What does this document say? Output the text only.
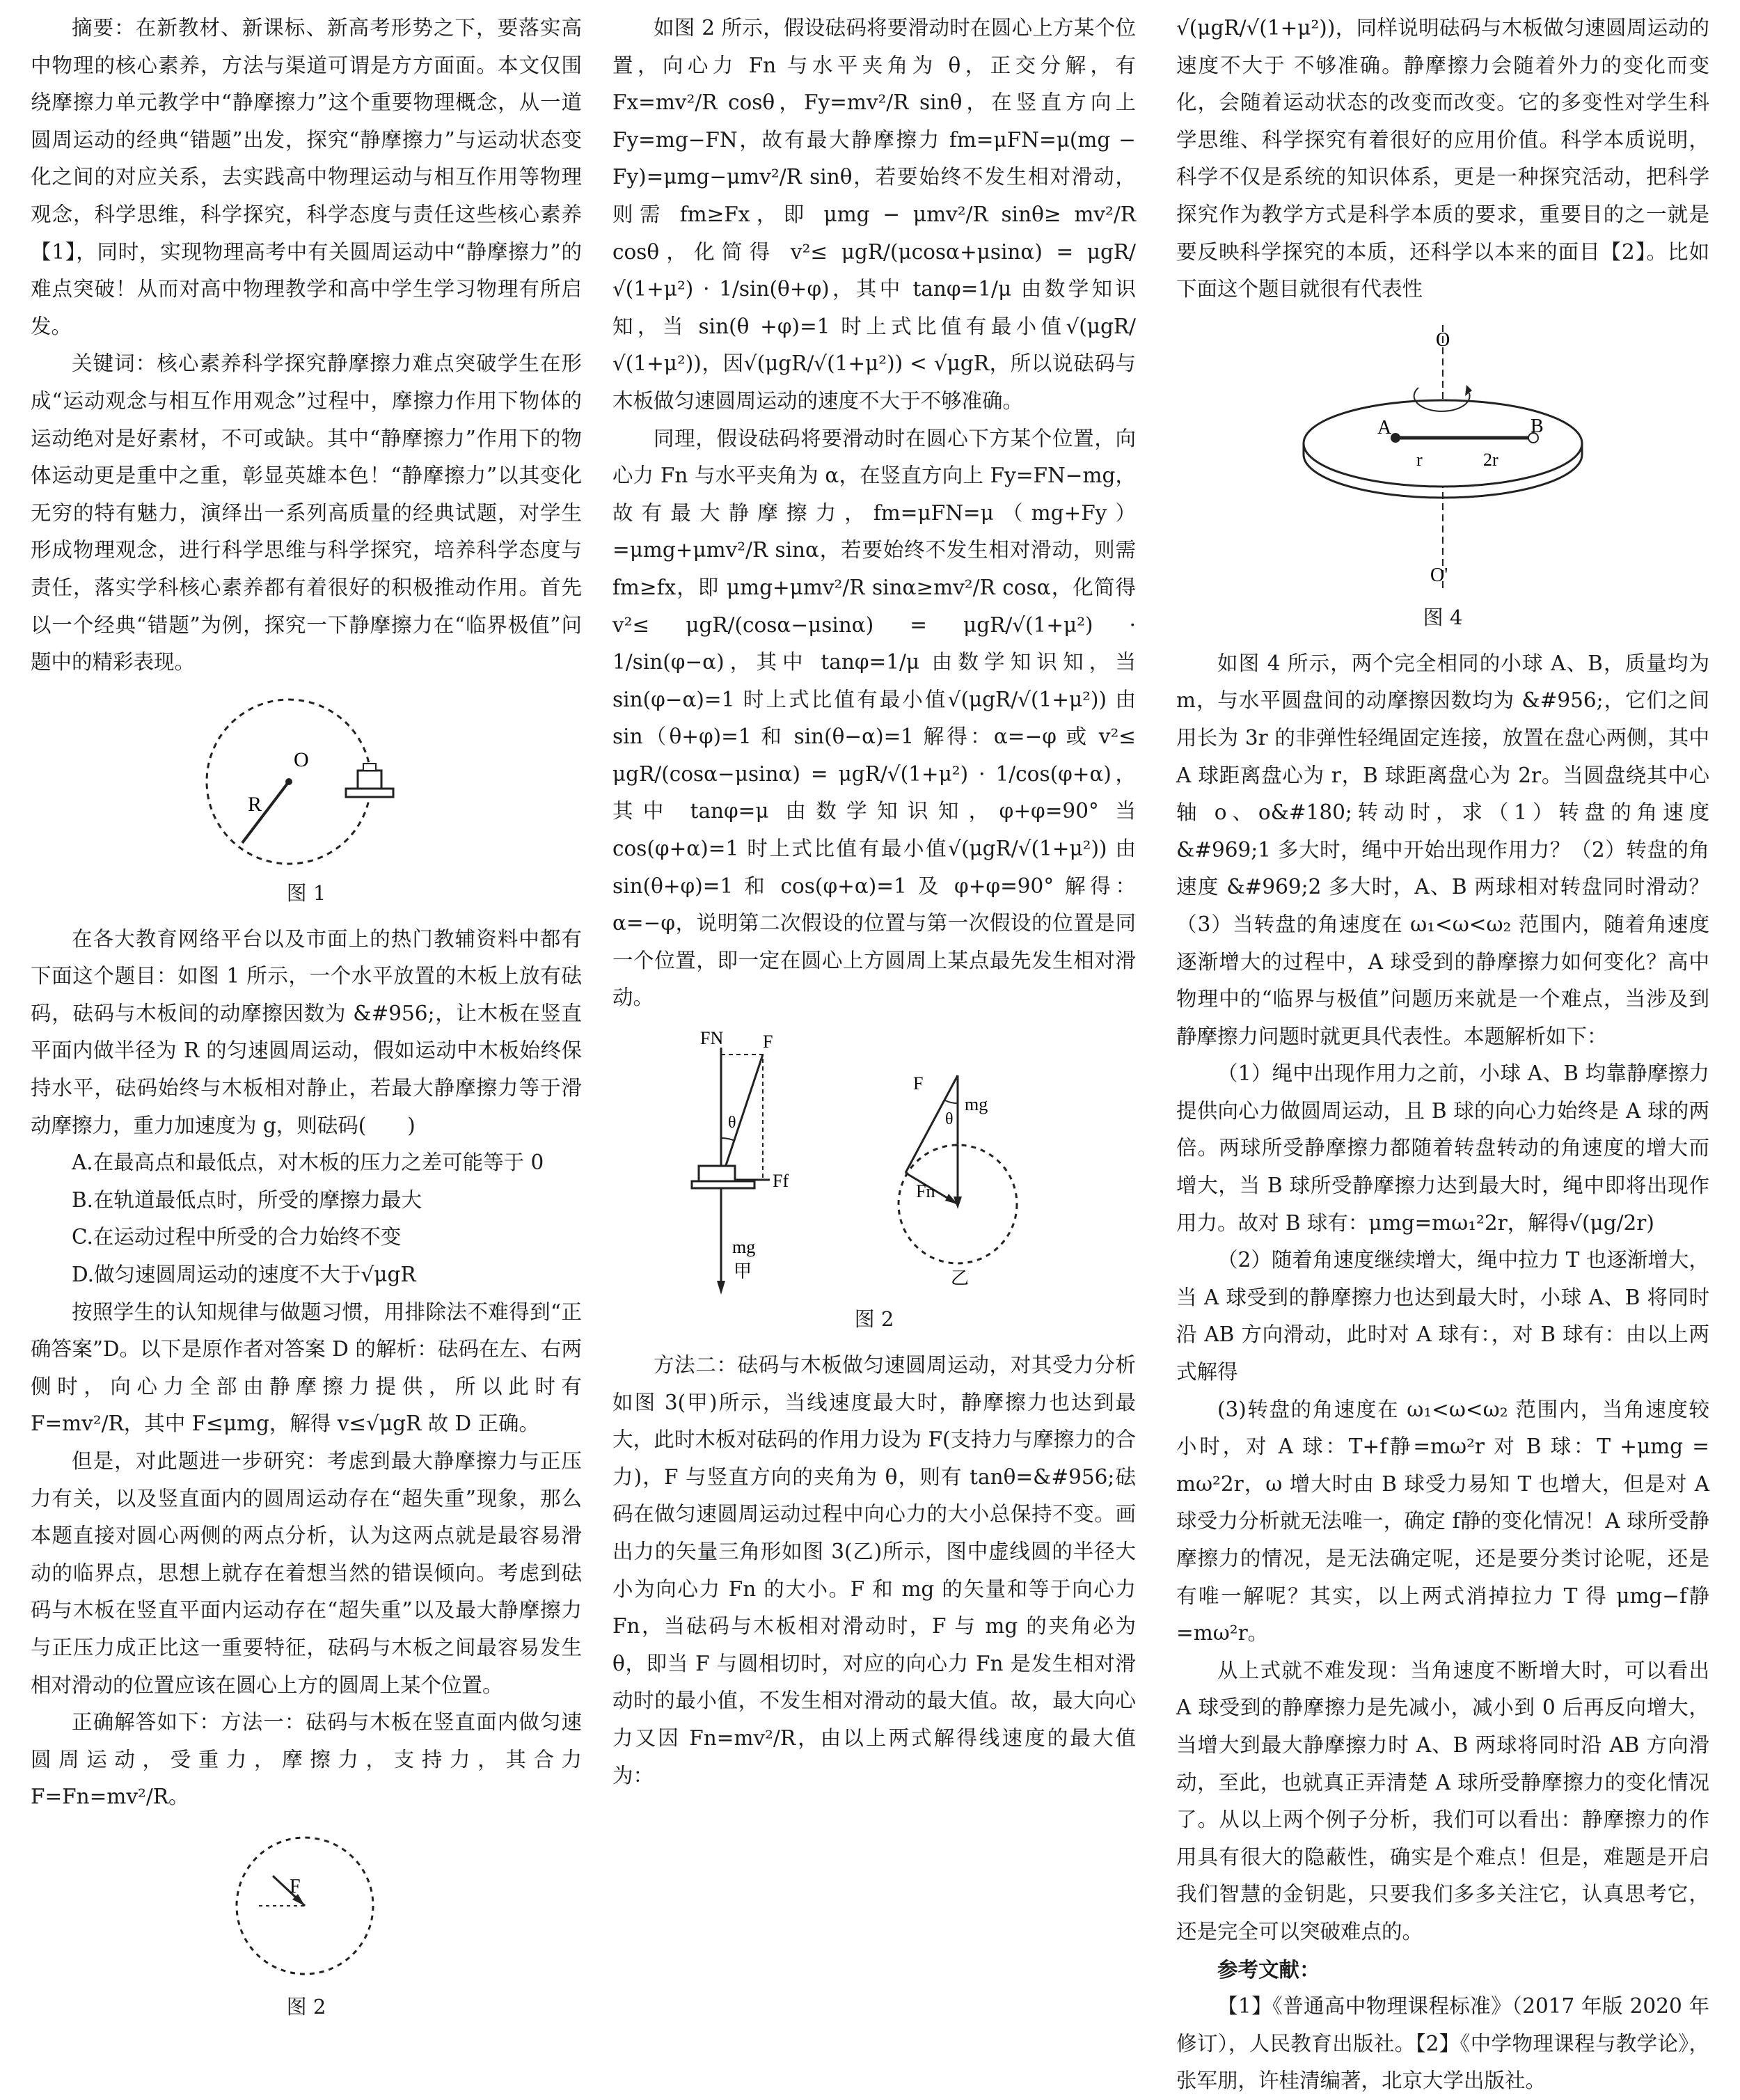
摘要：在新教材、新课标、新高考形势之下，要落实高中物理的核心素养，方法与渠道可谓是方方面面。本文仅围绕摩擦力单元教学中“静摩擦力”这个重要物理概念，从一道圆周运动的经典“错题”出发，探究“静摩擦力”与运动状态变化之间的对应关系，去实践高中物理运动与相互作用等物理观念，科学思维，科学探究，科学态度与责任这些核心素养【1】，同时，实现物理高考中有关圆周运动中“静摩擦力”的难点突破！从而对高中物理教学和高中学生学习物理有所启发。

关键词：核心素养科学探究静摩擦力难点突破学生在形成“运动观念与相互作用观念”过程中，摩擦力作用下物体的运动绝对是好素材，不可或缺。其中“静摩擦力”作用下的物体运动更是重中之重，彰显英雄本色！“静摩擦力”以其变化无穷的特有魅力，演绎出一系列高质量的经典试题，对学生形成物理观念，进行科学思维与科学探究，培养科学态度与责任，落实学科核心素养都有着很好的积极推动作用。首先以一个经典“错题”为例，探究一下静摩擦力在“临界极值”问题中的精彩表现。

O
R
图 1

在各大教育网络平台以及市面上的热门教辅资料中都有下面这个题目：如图 1 所示，一个水平放置的木板上放有砝码，砝码与木板间的动摩擦因数为 &#956;，让木板在竖直平面内做半径为 R 的匀速圆周运动，假如运动中木板始终保持水平，砝码始终与木板相对静止，若最大静摩擦力等于滑动摩擦力，重力加速度为 g，则砝码(　　)

A.在最高点和最低点，对木板的压力之差可能等于 0

B.在轨道最低点时，所受的摩擦力最大

C.在运动过程中所受的合力始终不变

D.做匀速圆周运动的速度不大于√μgR

按照学生的认知规律与做题习惯，用排除法不难得到“正确答案”D。以下是原作者对答案 D 的解析：砝码在左、右两侧时，向心力全部由静摩擦力提供，所以此时有 F=mv²/R，其中 F≤μmg，解得 v≤√μgR 故 D 正确。

但是，对此题进一步研究：考虑到最大静摩擦力与正压力有关，以及竖直面内的圆周运动存在“超失重”现象，那么本题直接对圆心两侧的两点分析，认为这两点就是最容易滑动的临界点，思想上就存在着想当然的错误倾向。考虑到砝码与木板在竖直平面内运动存在“超失重”以及最大静摩擦力与正压力成正比这一重要特征，砝码与木板之间最容易发生相对滑动的位置应该在圆心上方的圆周上某个位置。

正确解答如下：方法一：砝码与木板在竖直面内做匀速圆周运动，受重力，摩擦力，支持力，其合力 F=Fn=mv²/R。

F
图 2

如图 2 所示，假设砝码将要滑动时在圆心上方某个位置，向心力 Fn 与水平夹角为 θ，正交分解，有 Fx=mv²/R cosθ，Fy=mv²/R sinθ，在竖直方向上 Fy=mg−FN，故有最大静摩擦力 fm=μFN=μ(mg − Fy)=μmg−μmv²/R sinθ，若要始终不发生相对滑动，则需 fm≥Fx，即 μmg − μmv²/R sinθ≥ mv²/R cosθ，化简得 v²≤ μgR/(μcosα+μsinα) = μgR/√(1+μ²) · 1/sin(θ+φ)，其中 tanφ=1/μ 由数学知识知，当 sin(θ +φ)=1 时上式比值有最小值√(μgR/√(1+μ²))，因√(μgR/√(1+μ²)) < √μgR，所以说砝码与木板做匀速圆周运动的速度不大于不够准确。

同理，假设砝码将要滑动时在圆心下方某个位置，向心力 Fn 与水平夹角为 α，在竖直方向上 Fy=FN−mg，故有最大静摩擦力，fm=μFN=μ（mg+Fy）=μmg+μmv²/R sinα，若要始终不发生相对滑动，则需 fm≥fx，即 μmg+μmv²/R sinα≥mv²/R cosα，化简得 v²≤ μgR/(cosα−μsinα) = μgR/√(1+μ²) · 1/sin(φ−α)，其中 tanφ=1/μ 由数学知识知，当 sin(φ−α)=1 时上式比值有最小值√(μgR/√(1+μ²)) 由 sin（θ+φ)=1 和 sin(θ−α)=1 解得：α=−φ 或 v²≤ μgR/(cosα−μsinα) = μgR/√(1+μ²) · 1/cos(φ+α)，其中 tanφ=μ 由数学知识知，φ+φ=90° 当 cos(φ+α)=1 时上式比值有最小值√(μgR/√(1+μ²)) 由 sin(θ+φ)=1 和 cos(φ+α)=1 及 φ+φ=90° 解得：α=−φ，说明第二次假设的位置与第一次假设的位置是同一个位置，即一定在圆心上方圆周上某点最先发生相对滑动。

FN F
θ
Ff
mg
甲
F
θ
mg
Fn
乙
图 2

方法二：砝码与木板做匀速圆周运动，对其受力分析如图 3(甲)所示，当线速度最大时，静摩擦力也达到最大，此时木板对砝码的作用力设为 F(支持力与摩擦力的合力)，F 与竖直方向的夹角为 θ，则有 tanθ=&#956;砝码在做匀速圆周运动过程中向心力的大小总保持不变。画出力的矢量三角形如图 3(乙)所示，图中虚线圆的半径大小为向心力 Fn 的大小。F 和 mg 的矢量和等于向心力 Fn，当砝码与木板相对滑动时，F 与 mg 的夹角必为 θ，即当 F 与圆相切时，对应的向心力 Fn 是发生相对滑动时的最小值，不发生相对滑动的最大值。故，最大向心力又因 Fn=mv²/R，由以上两式解得线速度的最大值为：

√(μgR/√(1+μ²))，同样说明砝码与木板做匀速圆周运动的速度不大于 不够准确。静摩擦力会随着外力的变化而变化，会随着运动状态的改变而改变。它的多变性对学生科学思维、科学探究有着很好的应用价值。科学本质说明，科学不仅是系统的知识体系，更是一种探究活动，把科学探究作为教学方式是科学本质的要求，重要目的之一就是要反映科学探究的本质，还科学以本来的面目【2】。比如下面这个题目就很有代表性

O
A	B
r	2r
O'
图 4

如图 4 所示，两个完全相同的小球 A、B，质量均为 m，与水平圆盘间的动摩擦因数均为 &#956;，它们之间用长为 3r 的非弹性轻绳固定连接，放置在盘心两侧，其中 A 球距离盘心为 r，B 球距离盘心为 2r。当圆盘绕其中心轴 o、o&#180;转动时，求（1）转盘的角速度 &#969;1 多大时，绳中开始出现作用力？（2）转盘的角速度 &#969;2 多大时，A、B 两球相对转盘同时滑动？（3）当转盘的角速度在 ω₁<ω<ω₂ 范围内，随着角速度逐渐增大的过程中，A 球受到的静摩擦力如何变化？高中物理中的“临界与极值”问题历来就是一个难点，当涉及到静摩擦力问题时就更具代表性。本题解析如下：

（1）绳中出现作用力之前，小球 A、B 均靠静摩擦力提供向心力做圆周运动，且 B 球的向心力始终是 A 球的两倍。两球所受静摩擦力都随着转盘转动的角速度的增大而增大，当 B 球所受静摩擦力达到最大时，绳中即将出现作用力。故对 B 球有：μmg=mω₁²2r，解得√(μg/2r)

（2）随着角速度继续增大，绳中拉力 T 也逐渐增大，当 A 球受到的静摩擦力也达到最大时，小球 A、B 将同时沿 AB 方向滑动，此时对 A 球有：，对 B 球有：由以上两式解得

(3)转盘的角速度在 ω₁<ω<ω₂ 范围内，当角速度较小时，对 A 球：T+f静=mω²r 对 B 球：T +μmg = mω²2r，ω 增大时由 B 球受力易知 T 也增大，但是对 A 球受力分析就无法唯一，确定 f静的变化情况！A 球所受静摩擦力的情况，是无法确定呢，还是要分类讨论呢，还是有唯一解呢？其实，以上两式消掉拉力 T 得 μmg−f静=mω²r。

从上式就不难发现：当角速度不断增大时，可以看出 A 球受到的静摩擦力是先减小，减小到 0 后再反向增大，当增大到最大静摩擦力时 A、B 两球将同时沿 AB 方向滑动，至此，也就真正弄清楚 A 球所受静摩擦力的变化情况了。从以上两个例子分析，我们可以看出：静摩擦力的作用具有很大的隐蔽性，确实是个难点！但是，难题是开启我们智慧的金钥匙，只要我们多多关注它，认真思考它，还是完全可以突破难点的。

参考文献：

【1】《普通高中物理课程标准》（2017 年版 2020 年修订），人民教育出版社。【2】《中学物理课程与教学论》，张军朋，许桂清编著，北京大学出版社。
